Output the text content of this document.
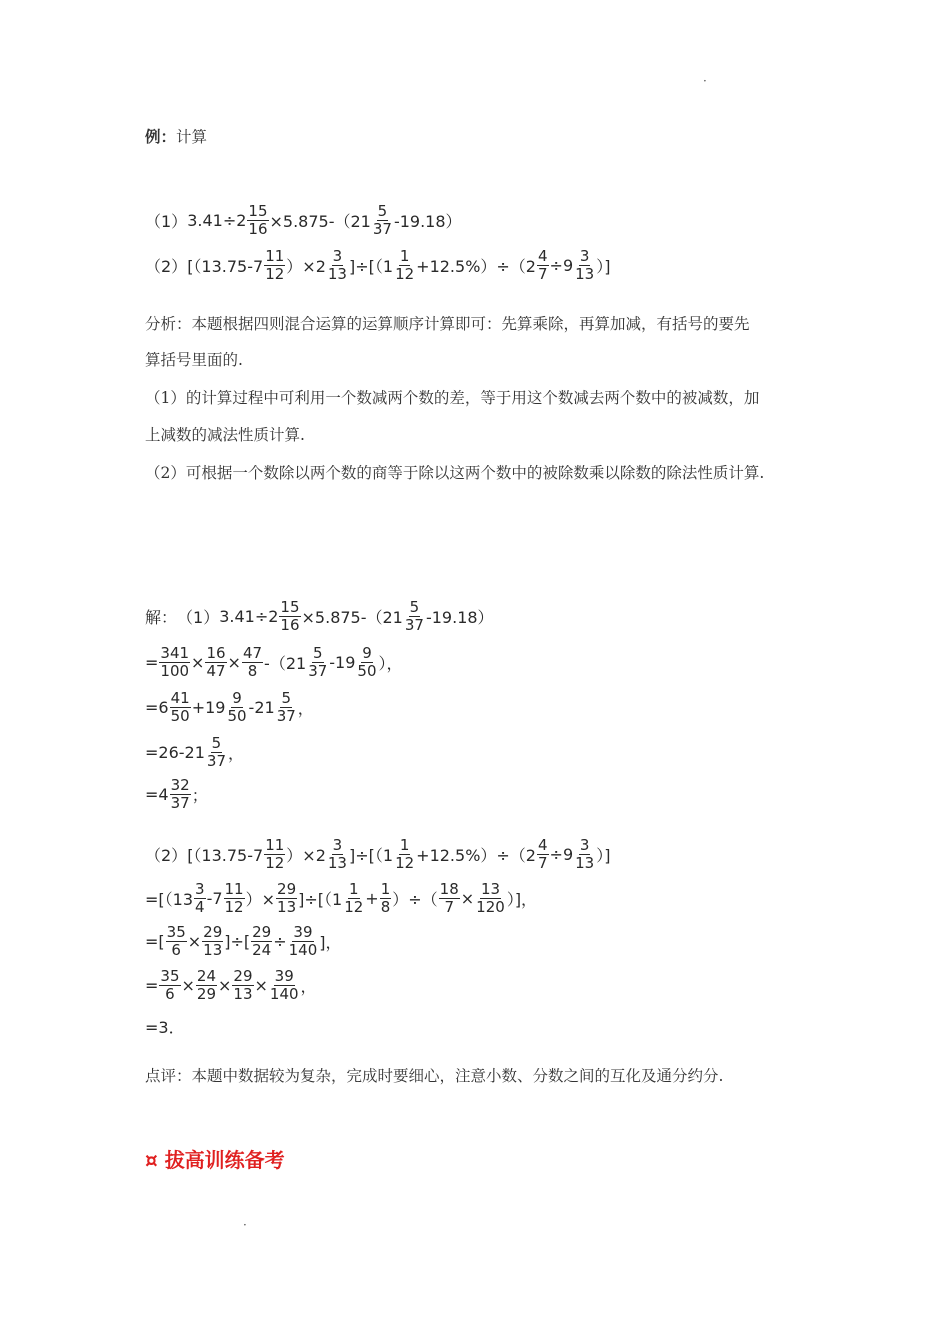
·
例：计算
（1） $3.41\div 2 \frac{15}{16} \times 5.875-(21$
5
37 -19.18）
（2） [（13.75-7
11
12 ）×2
3
13 ]÷[（1
1
$12 +12.5\%)\div(2 \frac{4}{7} \div 9$ 3
13 ）]
分析：本题根据四则混合运算的运算顺序计算即可：先算乘除，再算加减，有括号的要先
算括号里面的.
（1）的计算过程中可利用一个数减两个数的差，等于用这个数减去两个数中的被减数，加
上减数的减法性质计算.
（2）可根据一个数除以两个数的商等于除以这两个数中的被除数乘以除数的除法性质计算.
解： （1） $3.41\div 2 \frac{15}{16} \times 5.875-(21$
5
37 -19.18）
= $\frac{341}{100} \times \frac{16}{47} \times \frac{47}{8} -(21$
5
37 -19 9
50 ），
=6 41
50 +19 9
50 -21 5
37 ，
=26-21 5
37 ，
=4 32
37 ；
（2） [（13.75-7
11
12 ）×2
3
13 ]÷[（1
1
$12 +12.5\%)\div(2 \frac{4}{7} \div 9$ 3
13 ）]
=[（13
3
4 -7 11
12 ）× $\frac{29}{13} ]\div[(1$
1
$12 + \frac{1}{8}$ ）÷（ $\frac{18}{7} \times \frac{13}{120}$ ）]，
=[ $\frac{35}{6} \times \frac{29}{13}$ ]÷[ $\frac{29}{24} \div \frac{39}{140}$ ]，
= $\frac{35}{6} \times \frac{24}{29} \times \frac{29}{13} \times \frac{39}{140}$ ，
=3．
点评：本题中数据较为复杂，完成时要细心，注意小数、分数之间的互化及通分约分.
¤ 拔高训练备考
·
